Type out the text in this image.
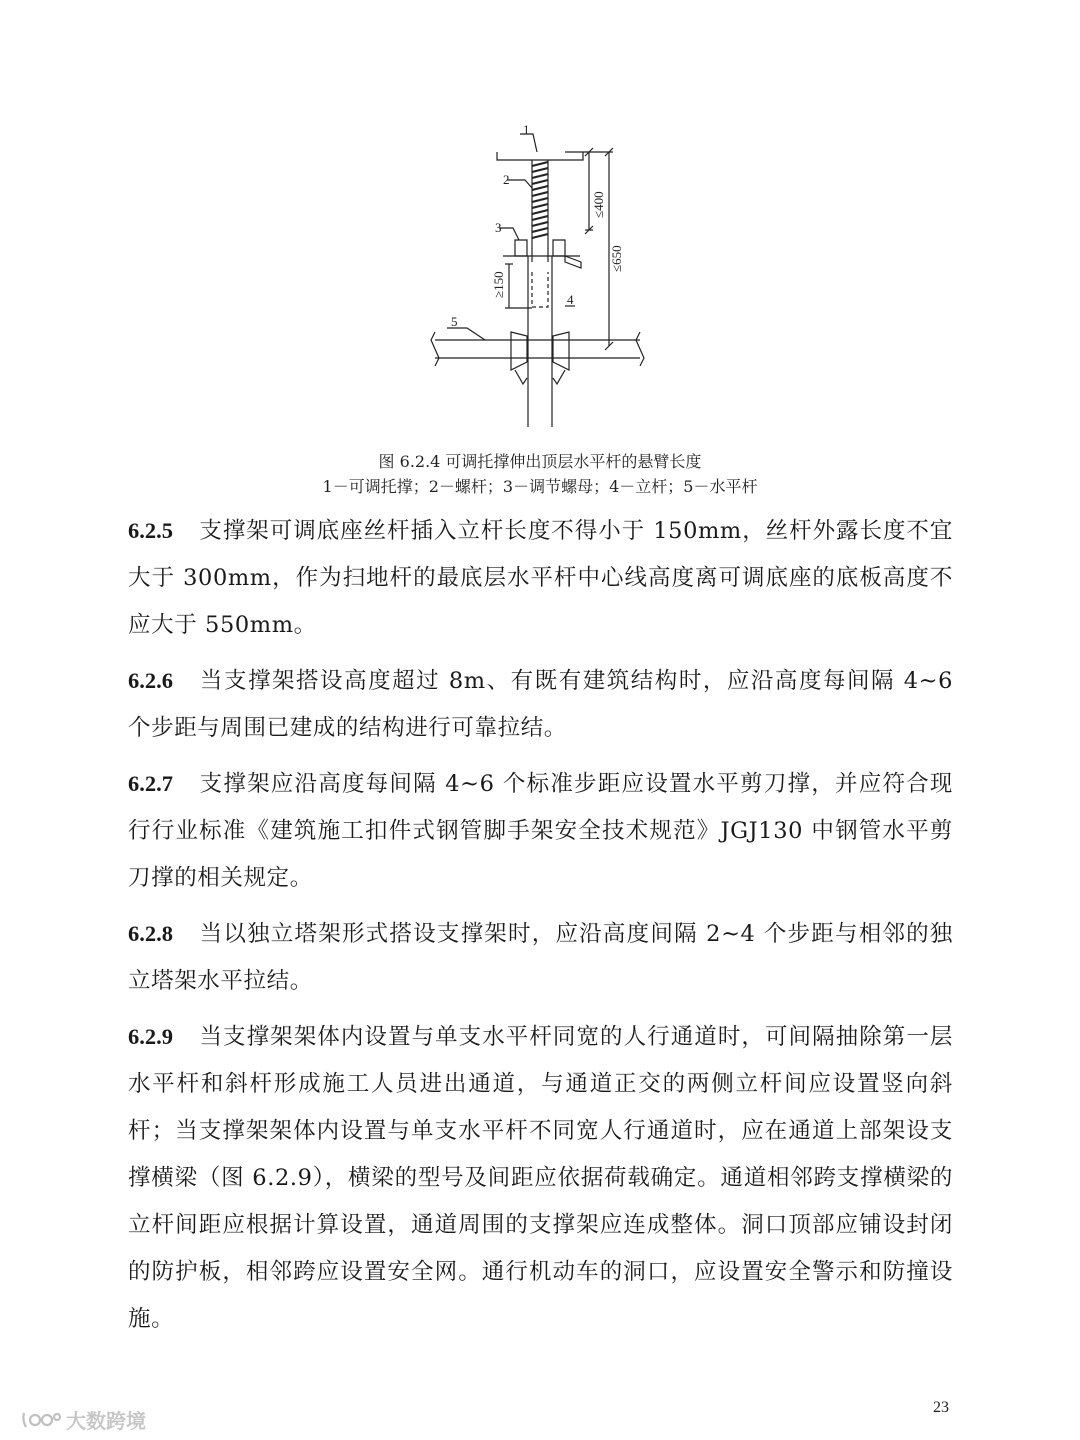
1
2
3
4
5
≤400
≤650
≥150
图 6.2.4 可调托撑伸出顶层水平杆的悬臂长度
1－可调托撑；2－螺杆；3－调节螺母；4－立杆；5－水平杆

6.2.5 支撑架可调底座丝杆插入立杆长度不得小于 150mm，丝杆外露长度不宜大于 300mm，作为扫地杆的最底层水平杆中心线高度离可调底座的底板高度不应大于 550mm。

6.2.6 当支撑架搭设高度超过 8m、有既有建筑结构时，应沿高度每间隔 4~6 个步距与周围已建成的结构进行可靠拉结。

6.2.7 支撑架应沿高度每间隔 4~6 个标准步距应设置水平剪刀撑，并应符合现行行业标准《建筑施工扣件式钢管脚手架安全技术规范》JGJ130 中钢管水平剪刀撑的相关规定。

6.2.8 当以独立塔架形式搭设支撑架时，应沿高度间隔 2~4 个步距与相邻的独立塔架水平拉结。

6.2.9 当支撑架架体内设置与单支水平杆同宽的人行通道时，可间隔抽除第一层水平杆和斜杆形成施工人员进出通道，与通道正交的两侧立杆间应设置竖向斜杆；当支撑架架体内设置与单支水平杆不同宽人行通道时，应在通道上部架设支撑横梁（图 6.2.9），横梁的型号及间距应依据荷载确定。通道相邻跨支撑横梁的立杆间距应根据计算设置，通道周围的支撑架应连成整体。洞口顶部应铺设封闭的防护板，相邻跨应设置安全网。通行机动车的洞口，应设置安全警示和防撞设施。

大数跨境
23
